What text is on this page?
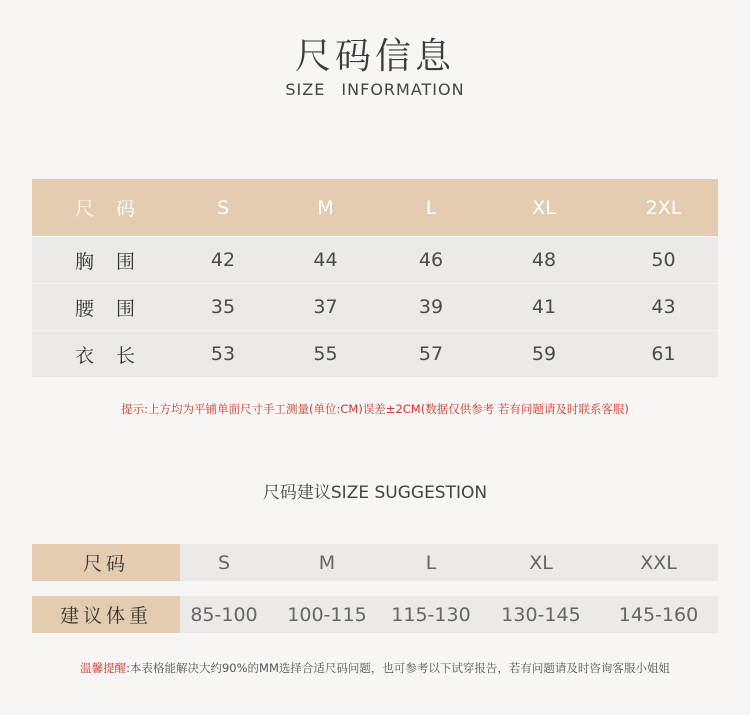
尺码信息
SIZE INFORMATION
尺码	S	M	L	XL	2XL
胸围	42	44	46	48	50
腰围	35	37	39	41	43
衣长	53	55	57	59	61
提示:上方均为平铺单面尺寸手工测量(单位:CM)误差±2CM(数据仅供参考 若有问题请及时联系客服)
尺码建议SIZE SUGGESTION
尺码	S	M	L	XL	XXL
建议体重	85-100	100-115	115-130	130-145	145-160
温馨提醒:本表格能解决大约90%的MM选择合适尺码问题，也可参考以下试穿报告，若有问题请及时咨询客服小姐姐
